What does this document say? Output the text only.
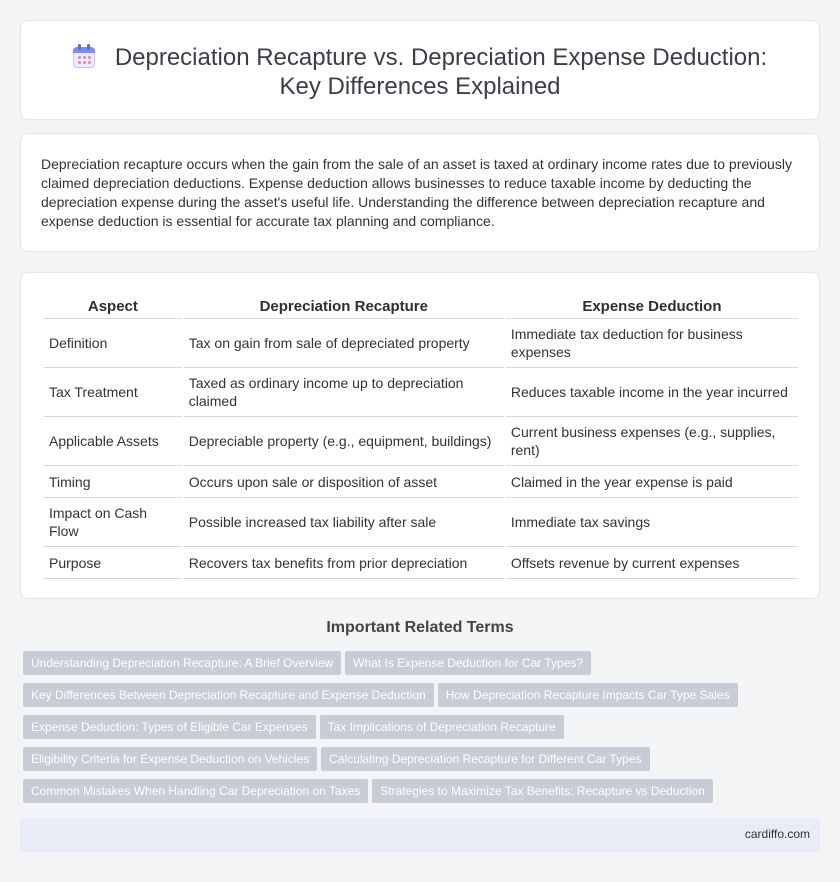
Depreciation Recapture vs. Depreciation Expense Deduction: Key Differences Explained

Depreciation recapture occurs when the gain from the sale of an asset is taxed at ordinary income rates due to previously claimed depreciation deductions. Expense deduction allows businesses to reduce taxable income by deducting the depreciation expense during the asset's useful life. Understanding the difference between depreciation recapture and expense deduction is essential for accurate tax planning and compliance.

Aspect	Depreciation Recapture	Expense Deduction
Definition	Tax on gain from sale of depreciated property	Immediate tax deduction for business expenses
Tax Treatment	Taxed as ordinary income up to depreciation claimed	Reduces taxable income in the year incurred
Applicable Assets	Depreciable property (e.g., equipment, buildings)	Current business expenses (e.g., supplies, rent)
Timing	Occurs upon sale or disposition of asset	Claimed in the year expense is paid
Impact on Cash Flow	Possible increased tax liability after sale	Immediate tax savings
Purpose	Recovers tax benefits from prior depreciation	Offsets revenue by current expenses
Important Related Terms
Understanding Depreciation Recapture: A Brief Overview What Is Expense Deduction for Car Types?
Key Differences Between Depreciation Recapture and Expense Deduction How Depreciation Recapture Impacts Car Type Sales
Expense Deduction: Types of Eligible Car Expenses Tax Implications of Depreciation Recapture
Eligibility Criteria for Expense Deduction on Vehicles Calculating Depreciation Recapture for Different Car Types
Common Mistakes When Handling Car Depreciation on Taxes Strategies to Maximize Tax Benefits: Recapture vs Deduction
cardiffo.com
